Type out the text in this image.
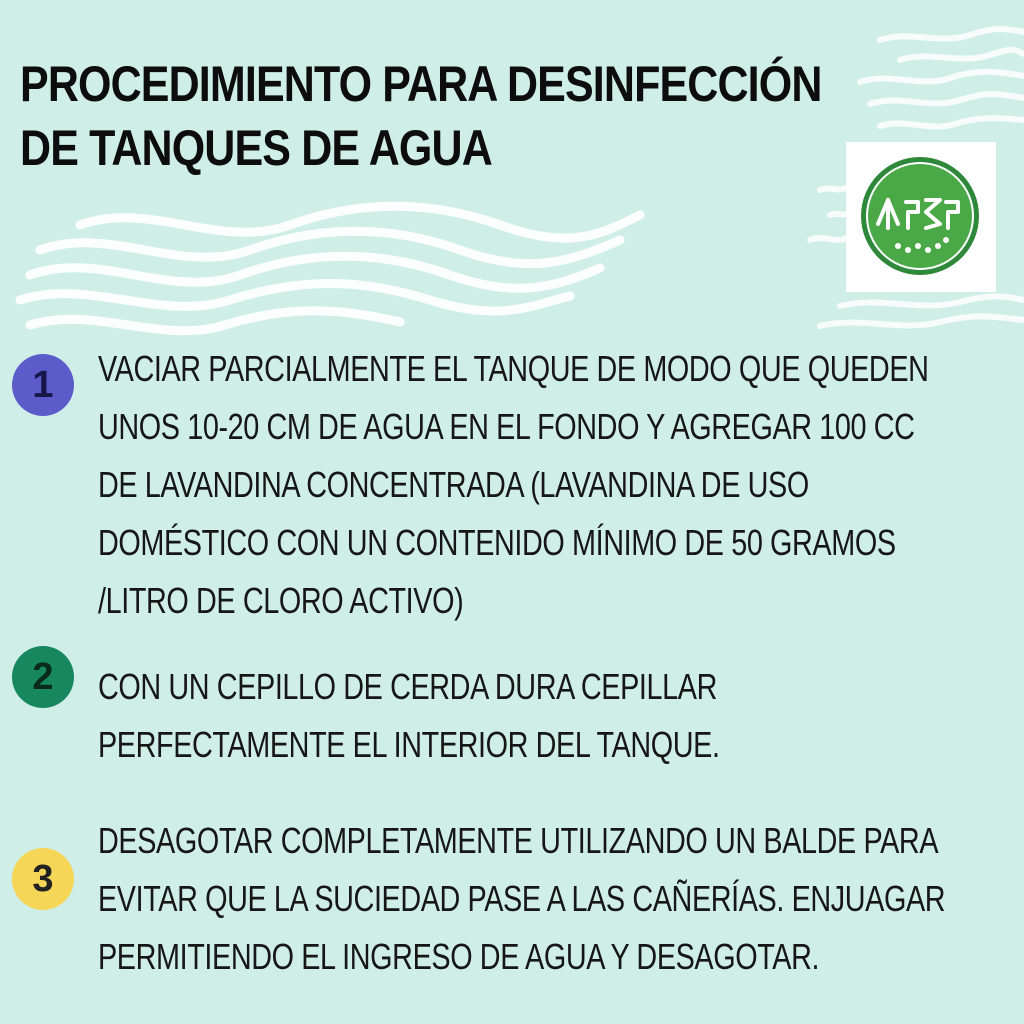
PROCEDIMIENTO PARA DESINFECCIÓN
DE TANQUES DE AGUA
1 VACIAR PARCIALMENTE EL TANQUE DE MODO QUE QUEDEN UNOS 10-20 CM DE AGUA EN EL FONDO Y AGREGAR 100 CC DE LAVANDINA CONCENTRADA (LAVANDINA DE USO DOMÉSTICO CON UN CONTENIDO MÍNIMO DE 50 GRAMOS /LITRO DE CLORO ACTIVO)

2 CON UN CEPILLO DE CERDA DURA CEPILLAR PERFECTAMENTE EL INTERIOR DEL TANQUE.

3

DESAGOTAR COMPLETAMENTE UTILIZANDO UN BALDE PARA EVITAR QUE LA SUCIEDAD PASE A LAS CAÑERÍAS. ENJUAGAR PERMITIENDO EL INGRESO DE AGUA Y DESAGOTAR.
